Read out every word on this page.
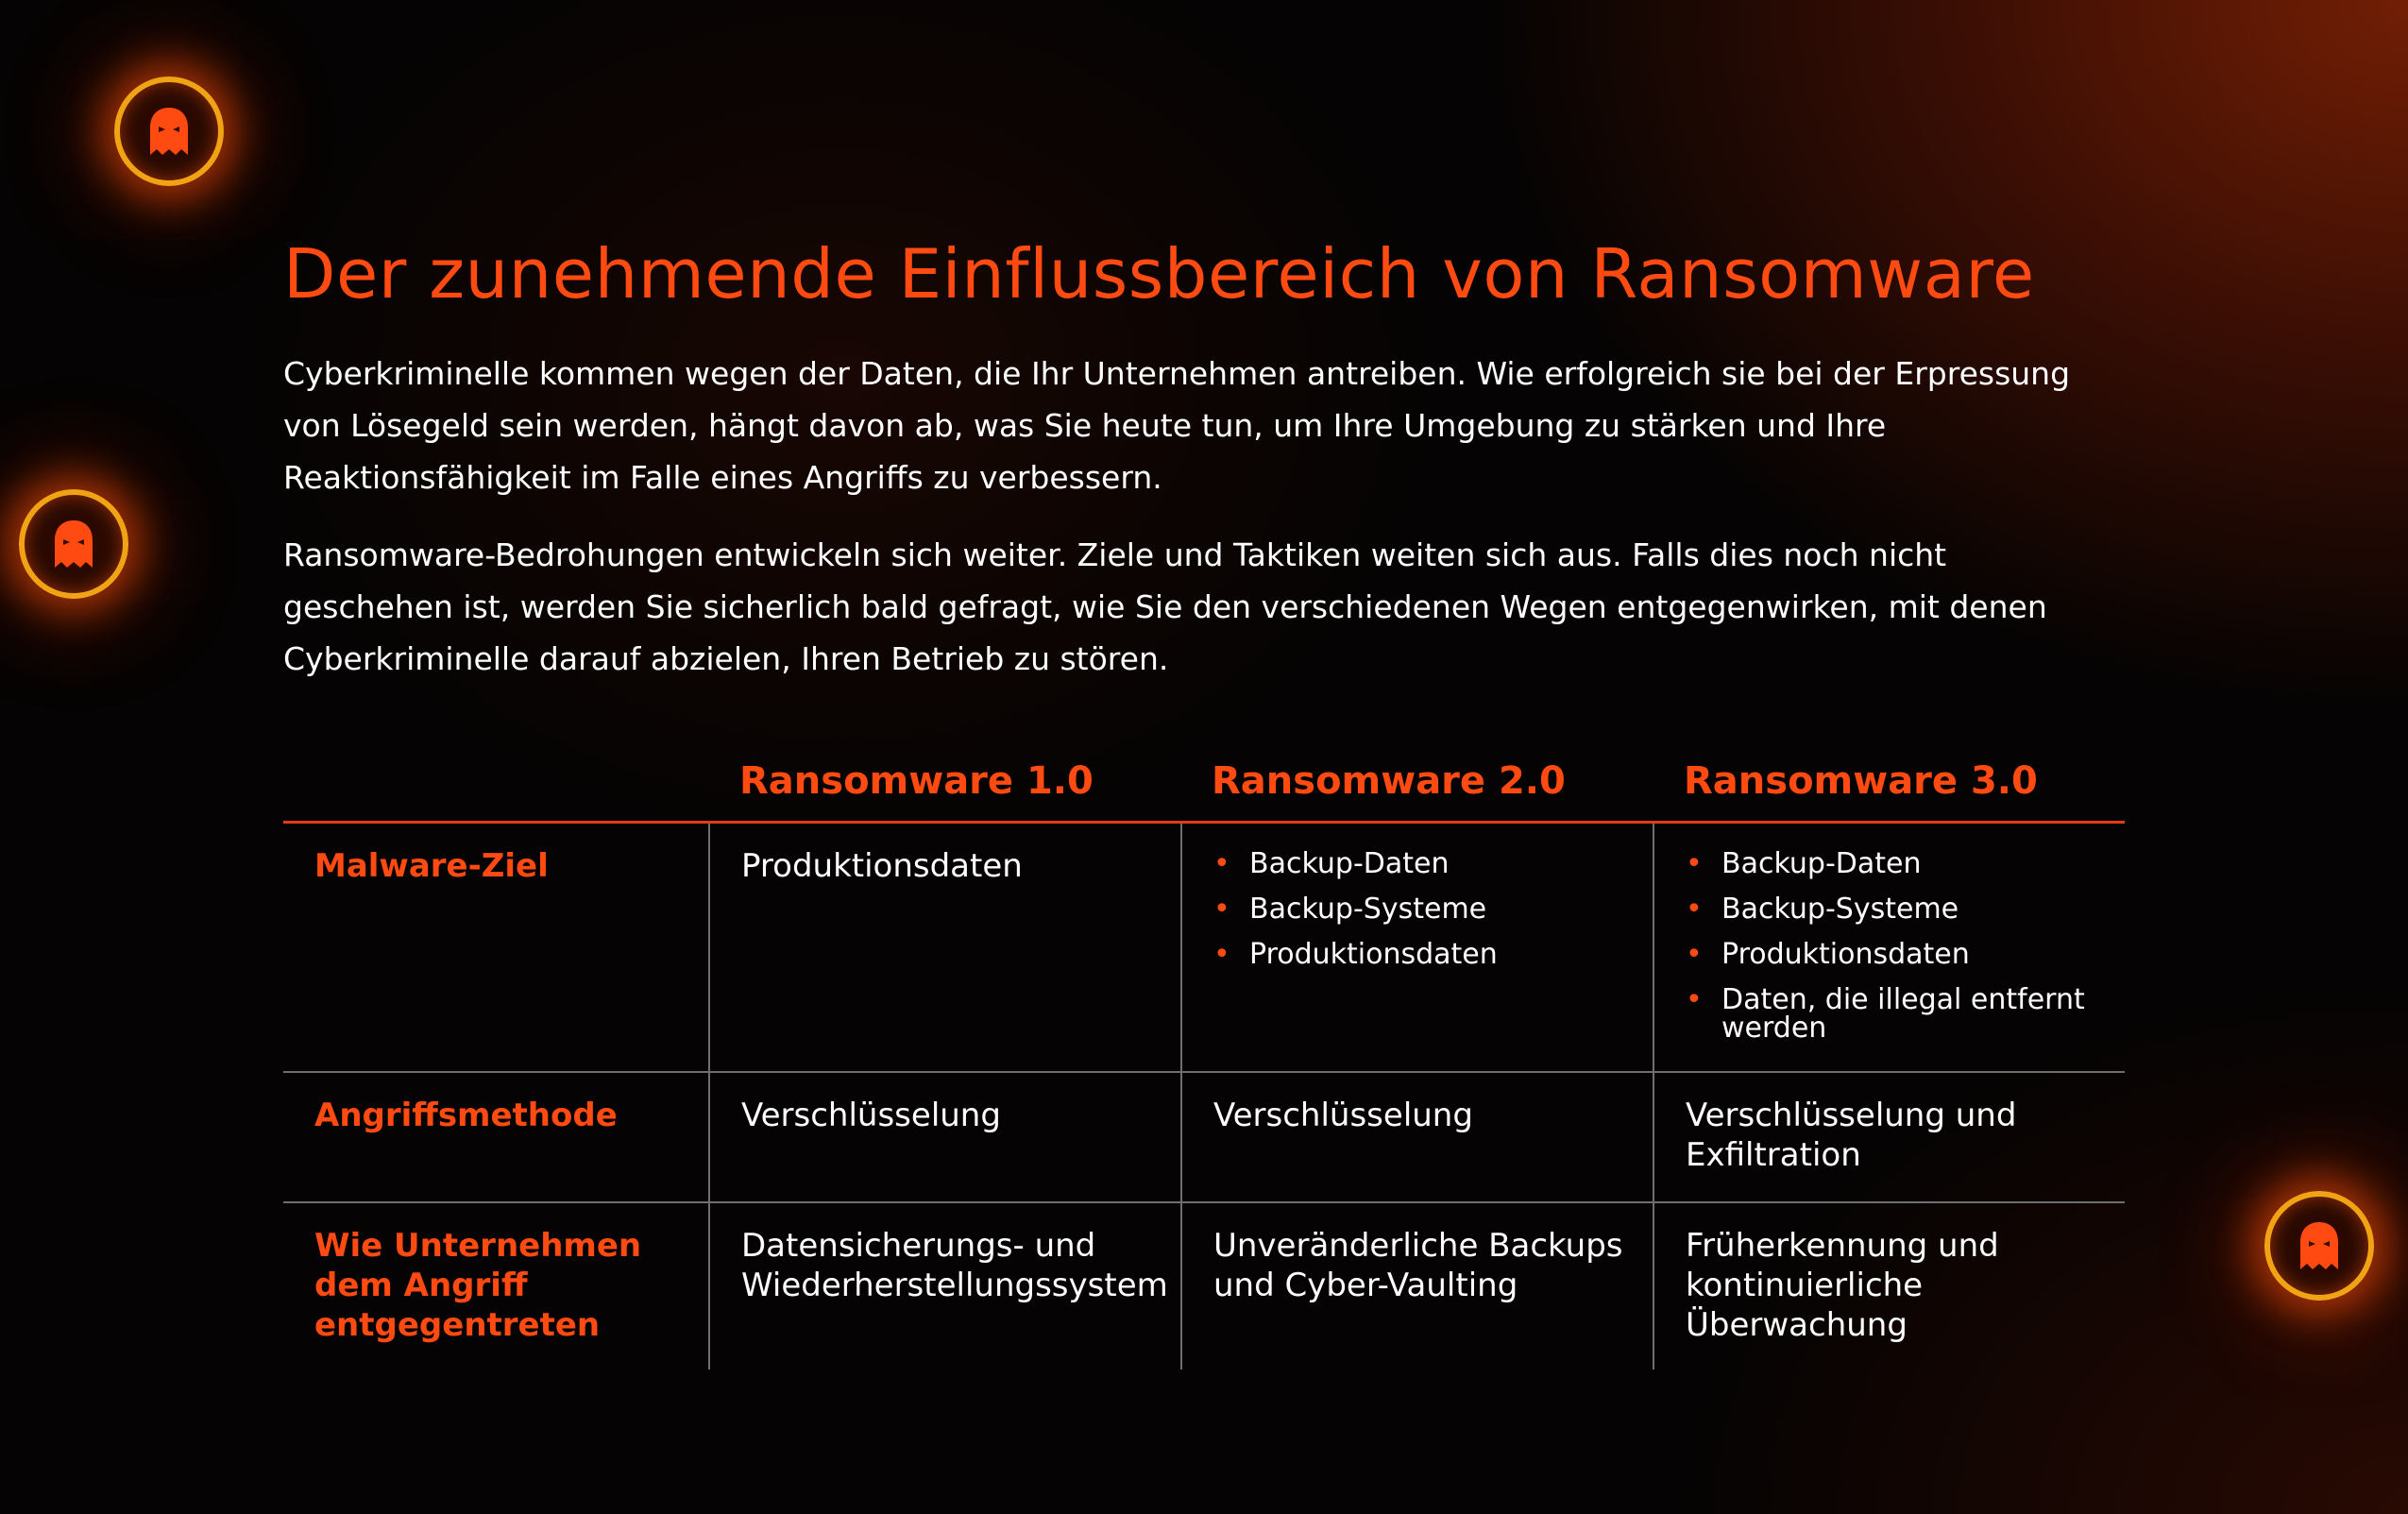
Der zunehmende Einflussbereich von Ransomware

Cyberkriminelle kommen wegen der Daten, die Ihr Unternehmen antreiben. Wie erfolgreich sie bei der Erpressung von Lösegeld sein werden, hängt davon ab, was Sie heute tun, um Ihre Umgebung zu stärken und Ihre Reaktionsfähigkeit im Falle eines Angriffs zu verbessern.

Ransomware-Bedrohungen entwickeln sich weiter. Ziele und Taktiken weiten sich aus. Falls dies noch nicht geschehen ist, werden Sie sicherlich bald gefragt, wie Sie den verschiedenen Wegen entgegenwirken, mit denen Cyberkriminelle darauf abzielen, Ihren Betrieb zu stören.

Ransomware 1.0	Ransomware 2.0	Ransomware 3.0
Malware-Ziel	Produktionsdaten
•	Backup-Daten
• Backup-Systeme
• Produktionsdaten
• Backup-Daten
• Backup-Systeme
• Produktionsdaten
• Daten, die illegal entfernt werden
Angriffsmethode	Verschlüsselung	Verschlüsselung	Verschlüsselung und Exfiltration
Wie Unternehmen dem Angriff entgegentreten
Datensicherungs- und Wiederherstellungssystem
Unveränderliche Backups und Cyber-Vaulting
Früherkennung und kontinuierliche Überwachung
